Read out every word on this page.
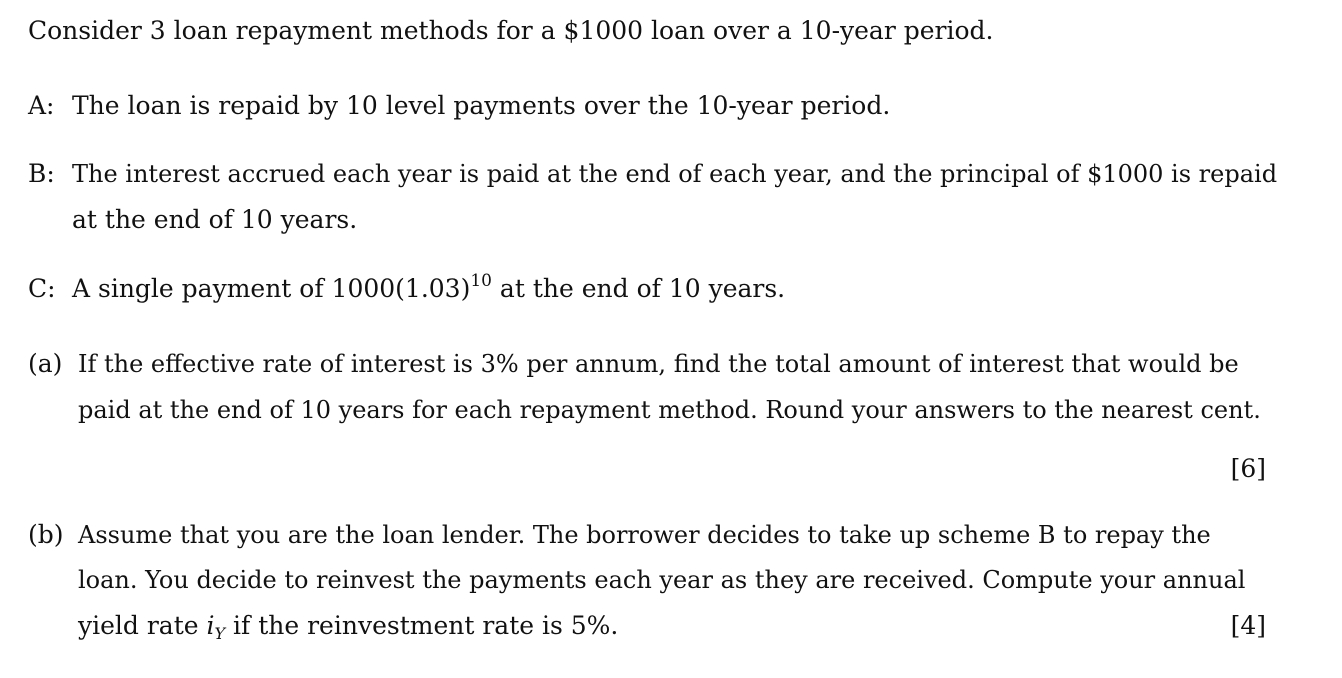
Consider 3 loan repayment methods for a $1000 loan over a 10-year period.
A: The loan is repaid by 10 level payments over the 10-year period.
B: The interest accrued each year is paid at the end of each year, and the principal of $1000 is repaid
at the end of 10 years.
C: A single payment of $1000(1.03)^{10}$ at the end of 10 years.
(a) If the effective rate of interest is 3% per annum, find the total amount of interest that would be
paid at the end of 10 years for each repayment method. Round your answers to the nearest cent.
[6]
(b) Assume that you are the loan lender. The borrower decides to take up scheme B to repay the
loan. You decide to reinvest the payments each year as they are received. Compute your annual
yield rate $i_Y$ if the reinvestment rate is 5%.	[4]
